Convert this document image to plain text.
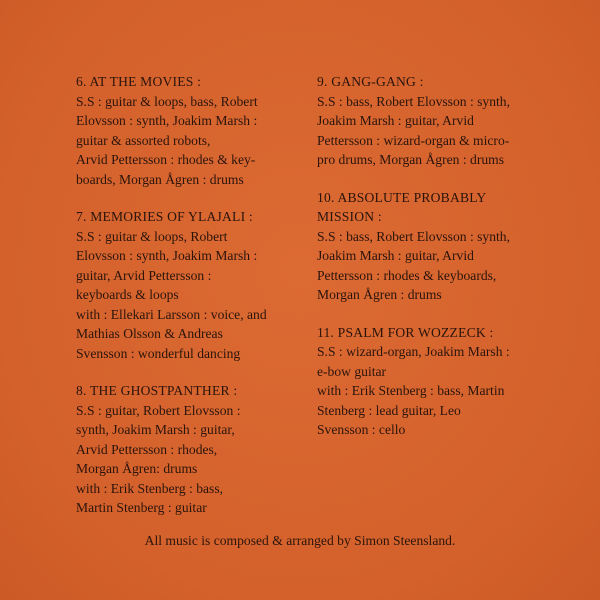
6. AT THE MOVIES :
S.S : guitar & loops, bass, Robert
Elovsson : synth, Joakim Marsh :
guitar & assorted robots,
Arvid Pettersson : rhodes & key-
boards, Morgan Ågren : drums
7. MEMORIES OF YLAJALI :
S.S : guitar & loops, Robert
Elovsson : synth, Joakim Marsh :
guitar, Arvid Pettersson :
keyboards & loops
with : Ellekari Larsson : voice, and
Mathias Olsson & Andreas
Svensson : wonderful dancing
8. THE GHOSTPANTHER :
S.S : guitar, Robert Elovsson :
synth, Joakim Marsh : guitar,
Arvid Pettersson : rhodes,
Morgan Ågren: drums
with : Erik Stenberg : bass,
Martin Stenberg : guitar
9. GANG-GANG :
S.S : bass, Robert Elovsson : synth,
Joakim Marsh : guitar, Arvid
Pettersson : wizard-organ & micro-
pro drums, Morgan Ågren : drums
10. ABSOLUTE PROBABLY
MISSION :
S.S : bass, Robert Elovsson : synth,
Joakim Marsh : guitar, Arvid
Pettersson : rhodes & keyboards,
Morgan Ågren : drums
11. PSALM FOR WOZZECK :
S.S : wizard-organ, Joakim Marsh :
e-bow guitar
with : Erik Stenberg : bass, Martin
Stenberg : lead guitar, Leo
Svensson : cello
All music is composed & arranged by Simon Steensland.
